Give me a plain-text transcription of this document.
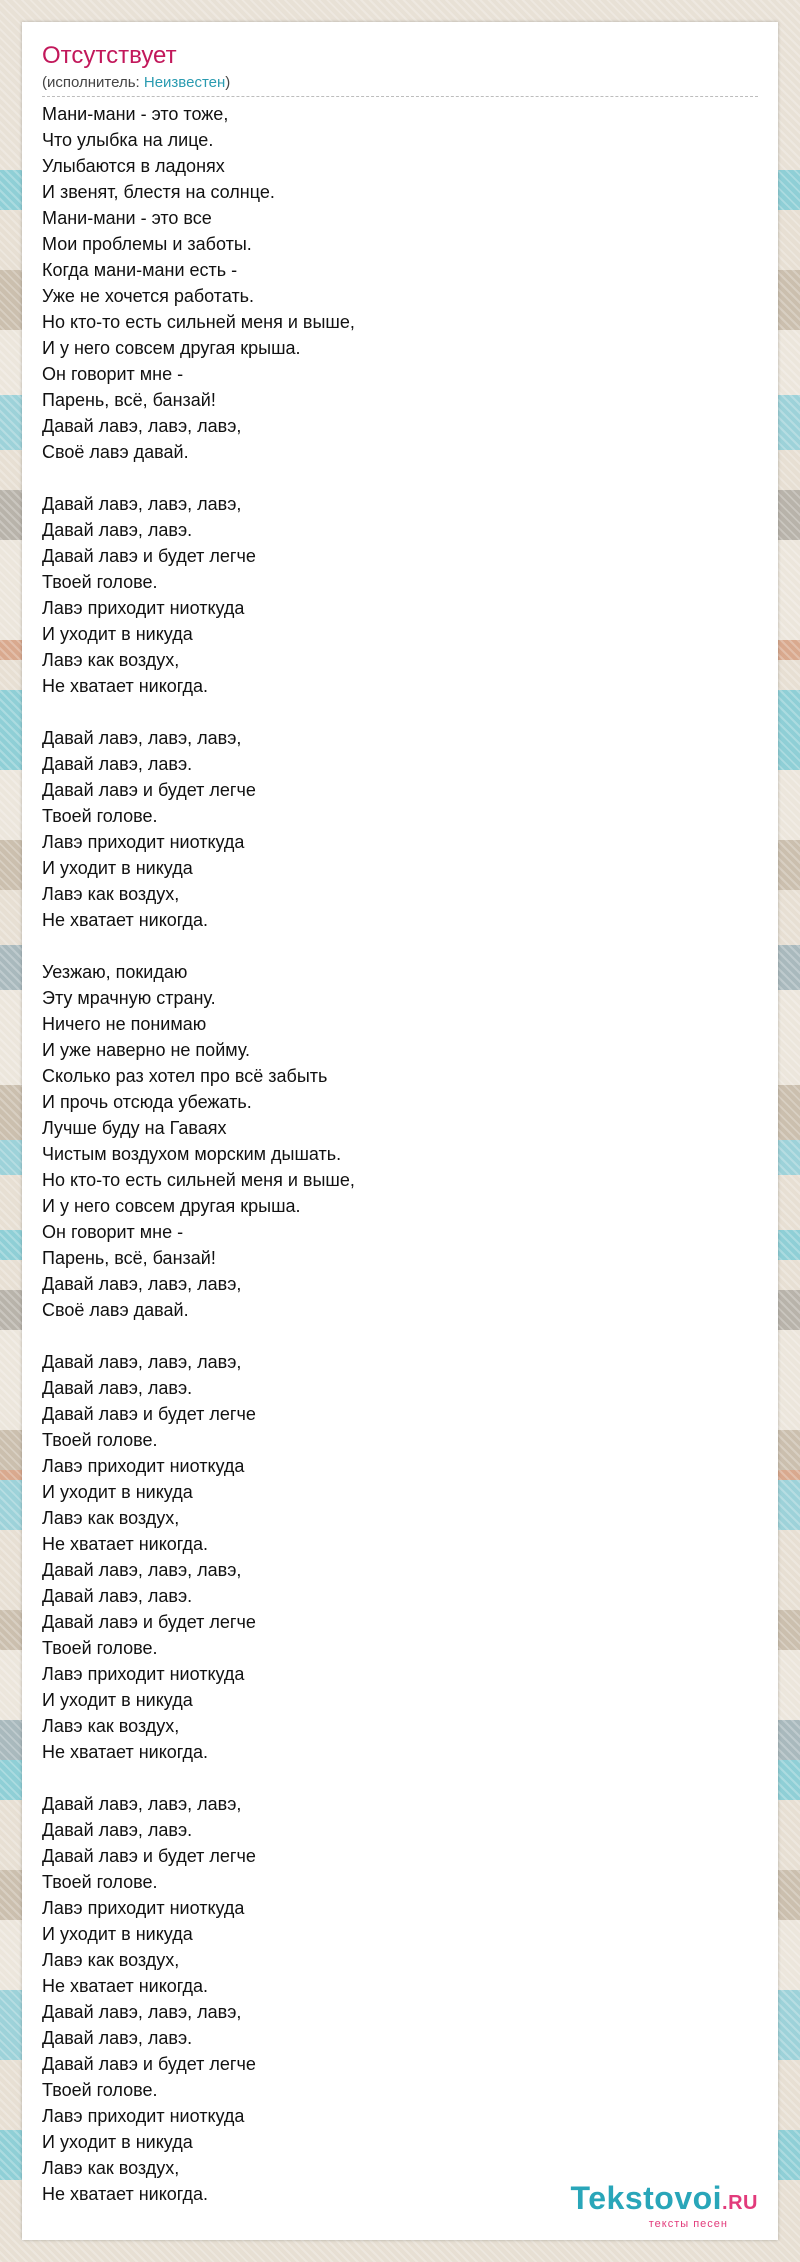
Отсутствует
(исполнитель: Неизвестен)
Мани-мани - это тоже,
Что улыбка на лице.
Улыбаются в ладонях
И звенят, блестя на солнце.
Мани-мани - это все
Мои проблемы и заботы.
Когда мани-мани есть -
Уже не хочется работать.
Но кто-то есть сильней меня и выше,
И у него совсем другая крыша.
Он говорит мне -
Парень, всё, банзай!
Давай лавэ, лавэ, лавэ,
Своё лавэ давай.
Давай лавэ, лавэ, лавэ,
Давай лавэ, лавэ.
Давай лавэ и будет легче
Твоей голове.
Лавэ приходит ниоткуда
И уходит в никуда
Лавэ как воздух,
Не хватает никогда.
Давай лавэ, лавэ, лавэ,
Давай лавэ, лавэ.
Давай лавэ и будет легче
Твоей голове.
Лавэ приходит ниоткуда
И уходит в никуда
Лавэ как воздух,
Не хватает никогда.
Уезжаю, покидаю
Эту мрачную страну.
Ничего не понимаю
И уже наверно не пойму.
Сколько раз хотел про всё забыть
И прочь отсюда убежать.
Лучше буду на Гаваях
Чистым воздухом морским дышать.
Но кто-то есть сильней меня и выше,
И у него совсем другая крыша.
Он говорит мне -
Парень, всё, банзай!
Давай лавэ, лавэ, лавэ,
Своё лавэ давай.
Давай лавэ, лавэ, лавэ,
Давай лавэ, лавэ.
Давай лавэ и будет легче
Твоей голове.
Лавэ приходит ниоткуда
И уходит в никуда
Лавэ как воздух,
Не хватает никогда.
Давай лавэ, лавэ, лавэ,
Давай лавэ, лавэ.
Давай лавэ и будет легче
Твоей голове.
Лавэ приходит ниоткуда
И уходит в никуда
Лавэ как воздух,
Не хватает никогда.
Давай лавэ, лавэ, лавэ,
Давай лавэ, лавэ.
Давай лавэ и будет легче
Твоей голове.
Лавэ приходит ниоткуда
И уходит в никуда
Лавэ как воздух,
Не хватает никогда.
Давай лавэ, лавэ, лавэ,
Давай лавэ, лавэ.
Давай лавэ и будет легче
Твоей голове.
Лавэ приходит ниоткуда
И уходит в никуда
Лавэ как воздух,
Не хватает никогда.	Tekstovoi.RU
тексты песен
